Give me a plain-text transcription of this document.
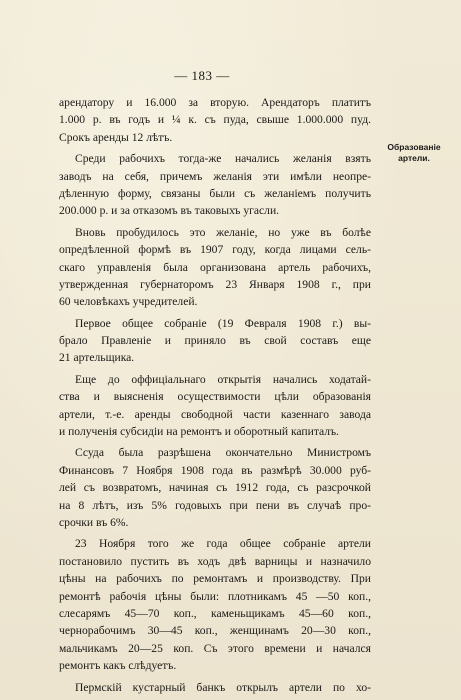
— 183 —
Образованіе
артели.
арендатору и 16.000 за вторую. Арендаторъ платитъ
1.000 р. въ годъ и ¼ к. съ пуда, свыше 1.000.000 пуд.
Срокъ аренды 12 лѣтъ.
Среди рабочихъ тогда-же начались желанія взять
заводъ на себя, причемъ желанія эти имѣли неопре-
дѣленную форму, связаны были съ желаніемъ получить
200.000 р. и за отказомъ въ таковыхъ угасли.
Вновь пробудилось это желаніе, но уже въ болѣе
опредѣленной формѣ въ 1907 году, когда лицами сель-
скаго управленія была организована артель рабочихъ,
утвержденная губернаторомъ 23 Января 1908 г., при
60 человѣкахъ учредителей.
Первое общее собраніе (19 Февраля 1908 г.) вы-
брало Правленіе и приняло въ свой составъ еще
21 артельщика.
Еще до оффиціальнаго открытія начались ходатай-
ства и выясненія осуществимости цѣли образованія
артели, т.-е. аренды свободной части казеннаго завода
и полученія субсидіи на ремонтъ и оборотный капиталъ.
Ссуда была разрѣшена окончательно Министромъ
Финансовъ 7 Ноября 1908 года въ размѣрѣ 30.000 руб-
лей съ возвратомъ, начиная съ 1912 года, съ разсрочкой
на 8 лѣтъ, изъ 5% годовыхъ при пени въ случаѣ про-
срочки въ 6%.
23 Ноября того же года общее собраніе артели
постановило пустить въ ходъ двѣ варницы и назначило
цѣны на рабочихъ по ремонтамъ и производству. При
ремонтѣ рабочія цѣны были: плотникамъ 45 —50 коп.,
слесарямъ 45—70 коп., каменьщикамъ 45—60 коп.,
чернорабочимъ 30—45 коп., женщинамъ 20—30 коп.,
мальчикамъ 20—25 коп. Съ этого времени и начался
ремонтъ какъ слѣдуетъ.
Пермскій кустарный банкъ открылъ артели по хо-
